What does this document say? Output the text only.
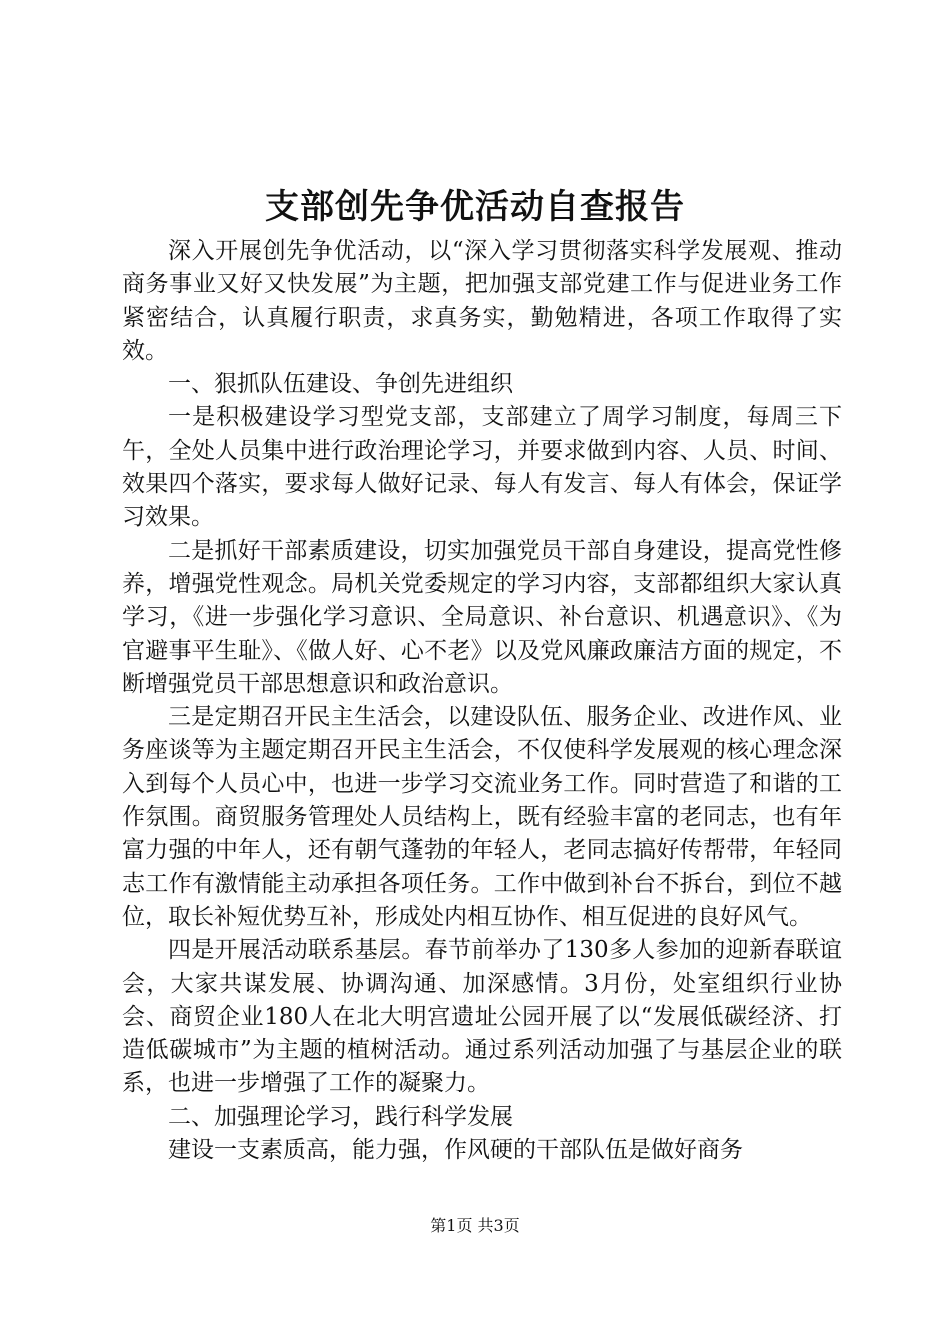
支部创先争优活动自查报告

深入开展创先争优活动，以“深入学习贯彻落实科学发展观、推动商务事业又好又快发展”为主题，把加强支部党建工作与促进业务工作紧密结合，认真履行职责，求真务实，勤勉精进，各项工作取得了实效。

一、狠抓队伍建设、争创先进组织

一是积极建设学习型党支部，支部建立了周学习制度，每周三下午，全处人员集中进行政治理论学习，并要求做到内容、人员、时间、效果四个落实，要求每人做好记录、每人有发言、每人有体会，保证学习效果。

二是抓好干部素质建设，切实加强党员干部自身建设，提高党性修养，增强党性观念。局机关党委规定的学习内容，支部都组织大家认真学习，《进一步强化学习意识、全局意识、补台意识、机遇意识》、《为官避事平生耻》、《做人好、心不老》以及党风廉政廉洁方面的规定，不断增强党员干部思想意识和政治意识。

三是定期召开民主生活会，以建设队伍、服务企业、改进作风、业务座谈等为主题定期召开民主生活会，不仅使科学发展观的核心理念深入到每个人员心中，也进一步学习交流业务工作。同时营造了和谐的工作氛围。商贸服务管理处人员结构上，既有经验丰富的老同志，也有年富力强的中年人，还有朝气蓬勃的年轻人，老同志搞好传帮带，年轻同志工作有激情能主动承担各项任务。工作中做到补台不拆台，到位不越位，取长补短优势互补，形成处内相互协作、相互促进的良好风气。

四是开展活动联系基层。春节前举办了130多人参加的迎新春联谊会，大家共谋发展、协调沟通、加深感情。3月份，处室组织行业协会、商贸企业180人在北大明宫遗址公园开展了以“发展低碳经济、打造低碳城市”为主题的植树活动。通过系列活动加强了与基层企业的联系，也进一步增强了工作的凝聚力。

二、加强理论学习，践行科学发展

建设一支素质高，能力强，作风硬的干部队伍是做好商务

第1页 共3页
